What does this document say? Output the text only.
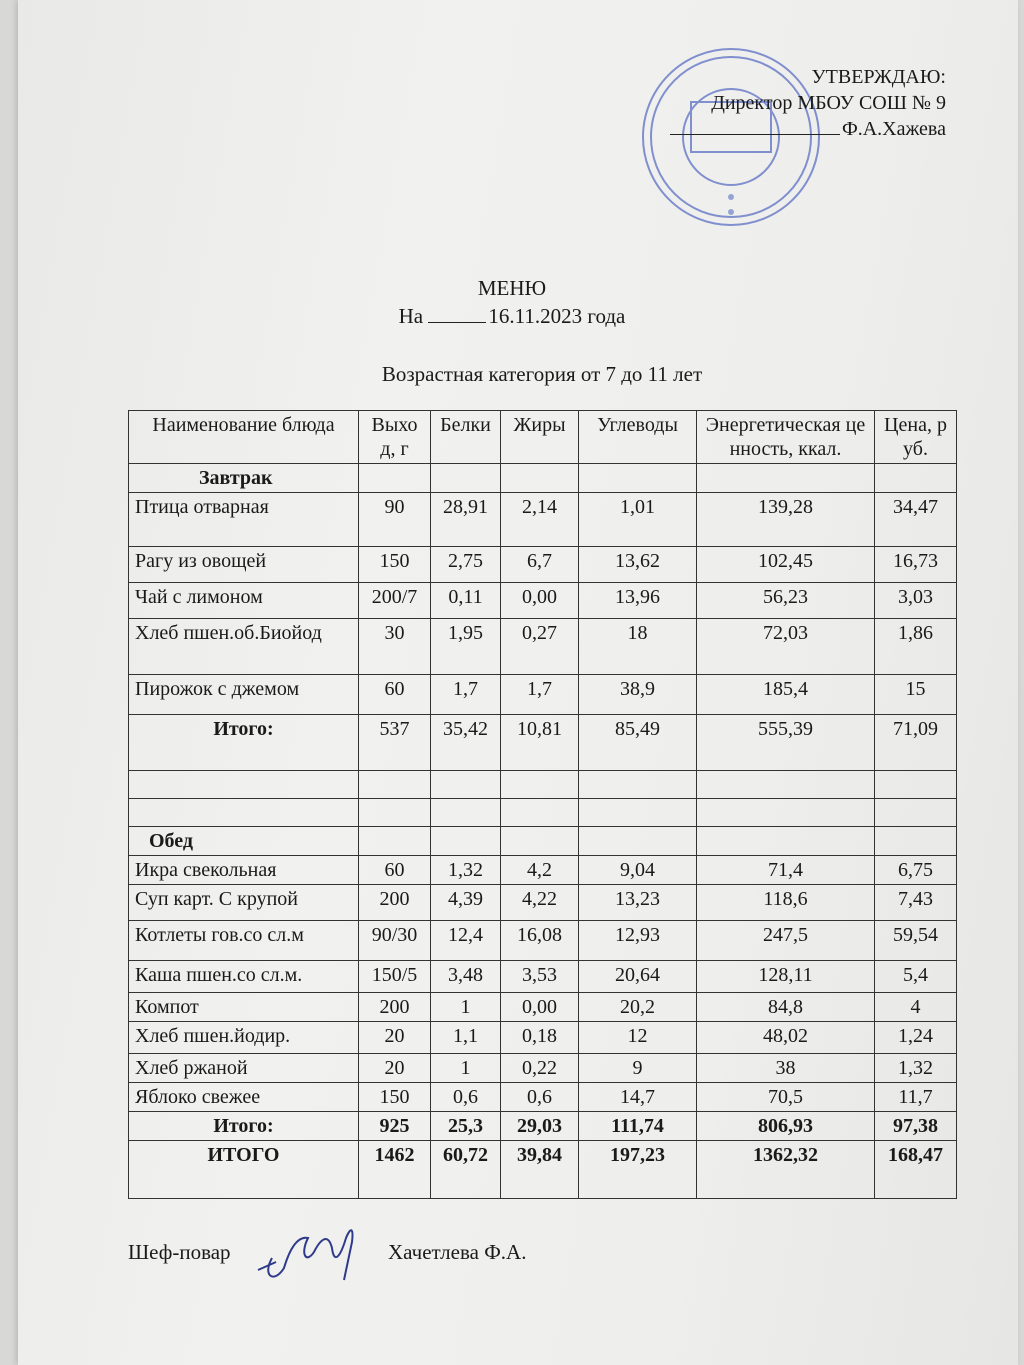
УТВЕРЖДАЮ:
Директор МБОУ СОШ № 9
Ф.А.Хажева
МЕНЮ
На	16.11.2023 года
Возрастная категория от 7 до 11 лет
Наименование блюда	Выход, г	Белки	Жиры	Углеводы	Энергетическая ценность, ккал.	Цена, руб.
Завтрак						
Птица отварная	90	28,91	2,14	1,01	139,28	34,47
Рагу из овощей	150	2,75	6,7	13,62	102,45	16,73
Чай с лимоном	200/7	0,11	0,00	13,96	56,23	3,03
Хлеб пшен.об.Биойод	30	1,95	0,27	18	72,03	1,86
Пирожок с джемом	60	1,7	1,7	38,9	185,4	15
Итого:	537	35,42	10,81	85,49	555,39	71,09

Обед						
Икра свекольная	60	1,32	4,2	9,04	71,4	6,75
Суп карт. С крупой	200	4,39	4,22	13,23	118,6	7,43
Котлеты гов.со сл.м	90/30	12,4	16,08	12,93	247,5	59,54
Каша пшен.со сл.м.	150/5	3,48	3,53	20,64	128,11	5,4
Компот	200	1	0,00	20,2	84,8	4
Хлеб пшен.йодир.	20	1,1	0,18	12	48,02	1,24
Хлеб ржаной	20	1	0,22	9	38	1,32
Яблоко свежее	150	0,6	0,6	14,7	70,5	11,7
Итого:	925	25,3	29,03	111,74	806,93	97,38
ИТОГО	1462	60,72	39,84	197,23	1362,32	168,47
Шеф-повар	Хачетлева Ф.А.
